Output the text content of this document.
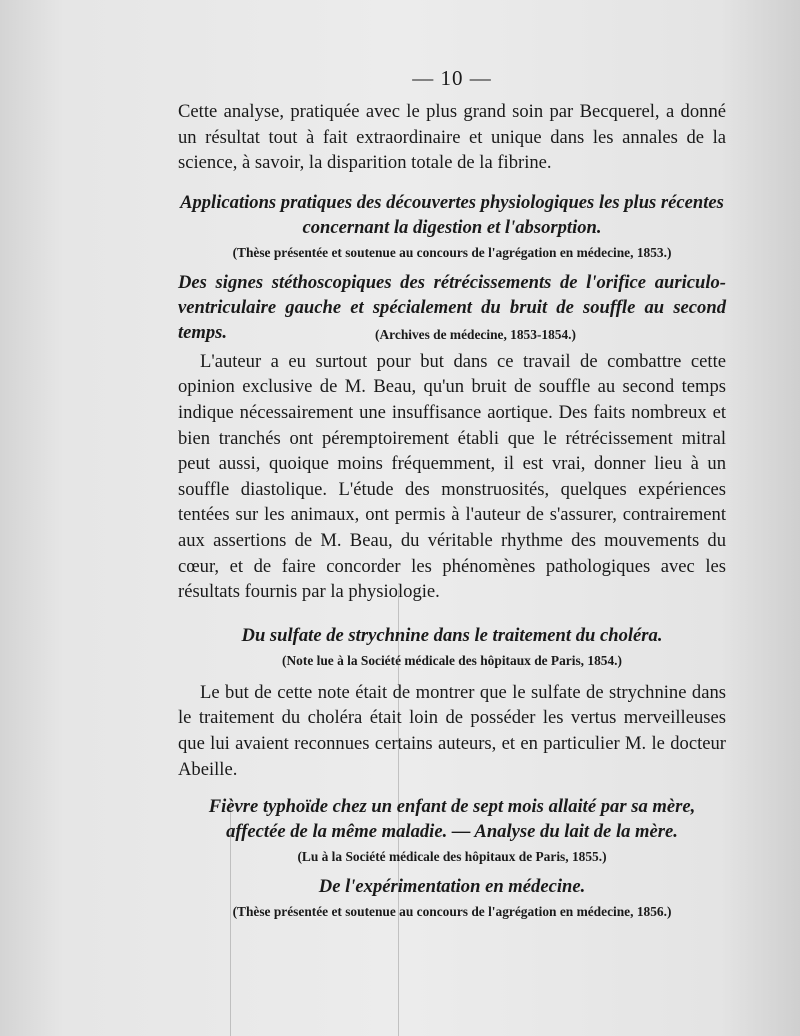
— 10 —

Cette analyse, pratiquée avec le plus grand soin par Becquerel, a donné un résultat tout à fait extraordinaire et unique dans les annales de la science, à savoir, la disparition totale de la fibrine.

Applications pratiques des découvertes physiologiques les plus récentes concernant la digestion et l'absorption.
(Thèse présentée et soutenue au concours de l'agrégation en médecine, 1853.)
Des signes stéthoscopiques des rétrécissements de l'orifice auriculo-ventriculaire gauche et spécialement du bruit de souffle au second temps.	(Archives de médecine, 1853-1854.)

L'auteur a eu surtout pour but dans ce travail de combattre cette opinion exclusive de M. Beau, qu'un bruit de souffle au second temps indique nécessairement une insuffisance aortique. Des faits nombreux et bien tranchés ont péremptoirement établi que le rétrécissement mitral peut aussi, quoique moins fréquemment, il est vrai, donner lieu à un souffle diastolique. L'étude des monstruosités, quelques expériences tentées sur les animaux, ont permis à l'auteur de s'assurer, contrairement aux assertions de M. Beau, du véritable rhythme des mouvements du cœur, et de faire concorder les phénomènes pathologiques avec les résultats fournis par la physiologie.

Du sulfate de strychnine dans le traitement du choléra.
(Note lue à la Société médicale des hôpitaux de Paris, 1854.)

Le but de cette note était de montrer que le sulfate de strychnine dans le traitement du choléra était loin de posséder les vertus merveilleuses que lui avaient reconnues certains auteurs, et en particulier M. le docteur Abeille.

Fièvre typhoïde chez un enfant de sept mois allaité par sa mère, affectée de la même maladie. — Analyse du lait de la mère.
(Lu à la Société médicale des hôpitaux de Paris, 1855.)
De l'expérimentation en médecine.
(Thèse présentée et soutenue au concours de l'agrégation en médecine, 1856.)
